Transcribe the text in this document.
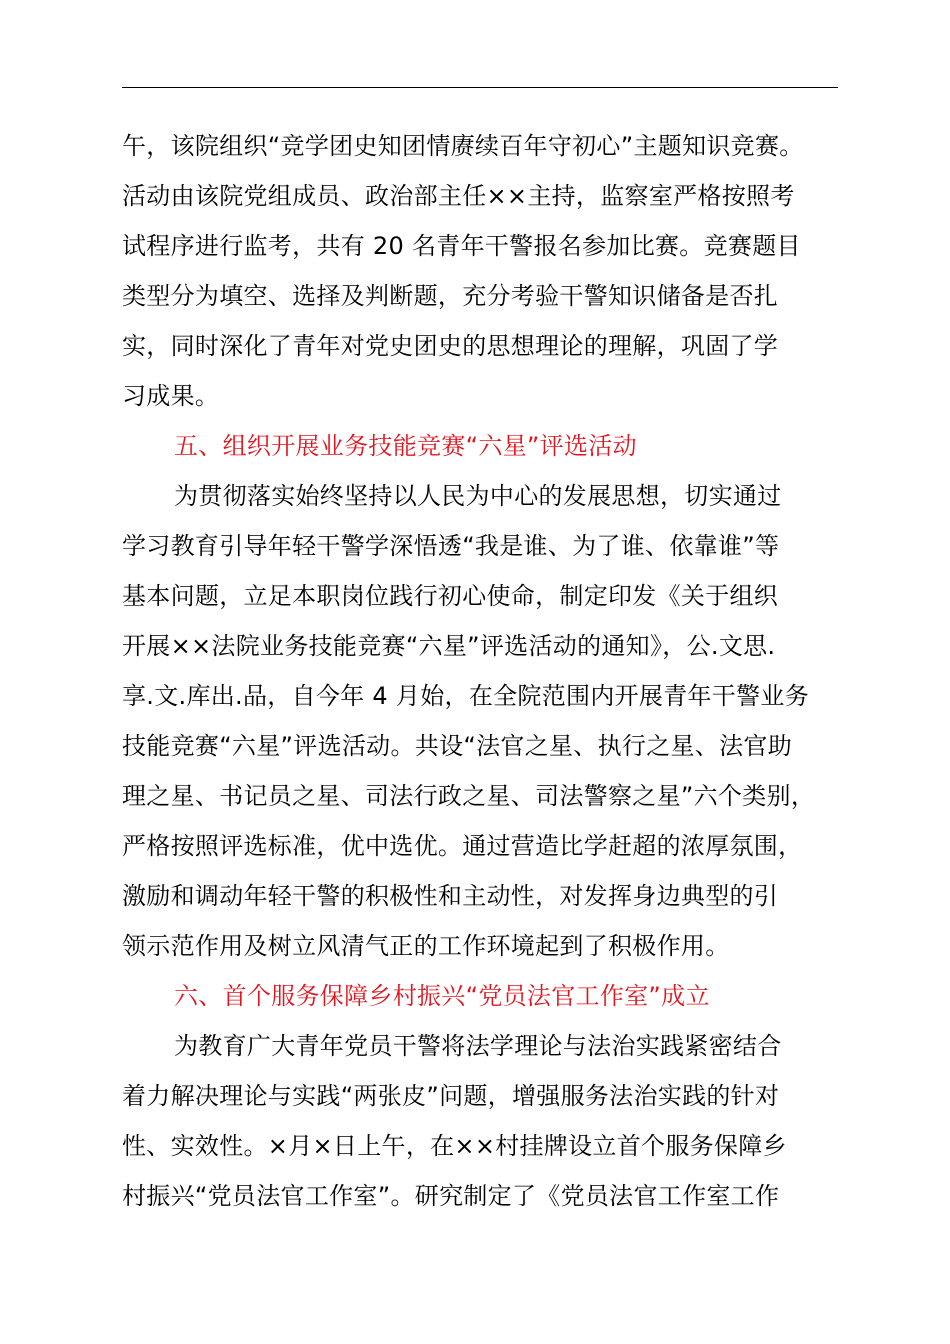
午，该院组织“竞学团史知团情赓续百年守初心”主题知识竞赛。
活动由该院党组成员、政治部主任××主持，监察室严格按照考
试程序进行监考，共有 20 名青年干警报名参加比赛。竞赛题目
类型分为填空、选择及判断题，充分考验干警知识储备是否扎
实，同时深化了青年对党史团史的思想理论的理解，巩固了学
习成果。
五、组织开展业务技能竞赛“六星”评选活动
为贯彻落实始终坚持以人民为中心的发展思想，切实通过
学习教育引导年轻干警学深悟透“我是谁、为了谁、依靠谁”等
基本问题，立足本职岗位践行初心使命，制定印发《关于组织
开展××法院业务技能竞赛“六星”评选活动的通知》，公.文思.
享.文.库出.品，自今年 4 月始，在全院范围内开展青年干警业务
技能竞赛“六星”评选活动。共设“法官之星、执行之星、法官助
理之星、书记员之星、司法行政之星、司法警察之星”六个类别，
严格按照评选标准，优中选优。通过营造比学赶超的浓厚氛围，
激励和调动年轻干警的积极性和主动性，对发挥身边典型的引
领示范作用及树立风清气正的工作环境起到了积极作用。
六、首个服务保障乡村振兴“党员法官工作室”成立
为教育广大青年党员干警将法学理论与法治实践紧密结合
着力解决理论与实践“两张皮”问题，增强服务法治实践的针对
性、实效性。×月×日上午，在××村挂牌设立首个服务保障乡
村振兴“党员法官工作室”。研究制定了《党员法官工作室工作
